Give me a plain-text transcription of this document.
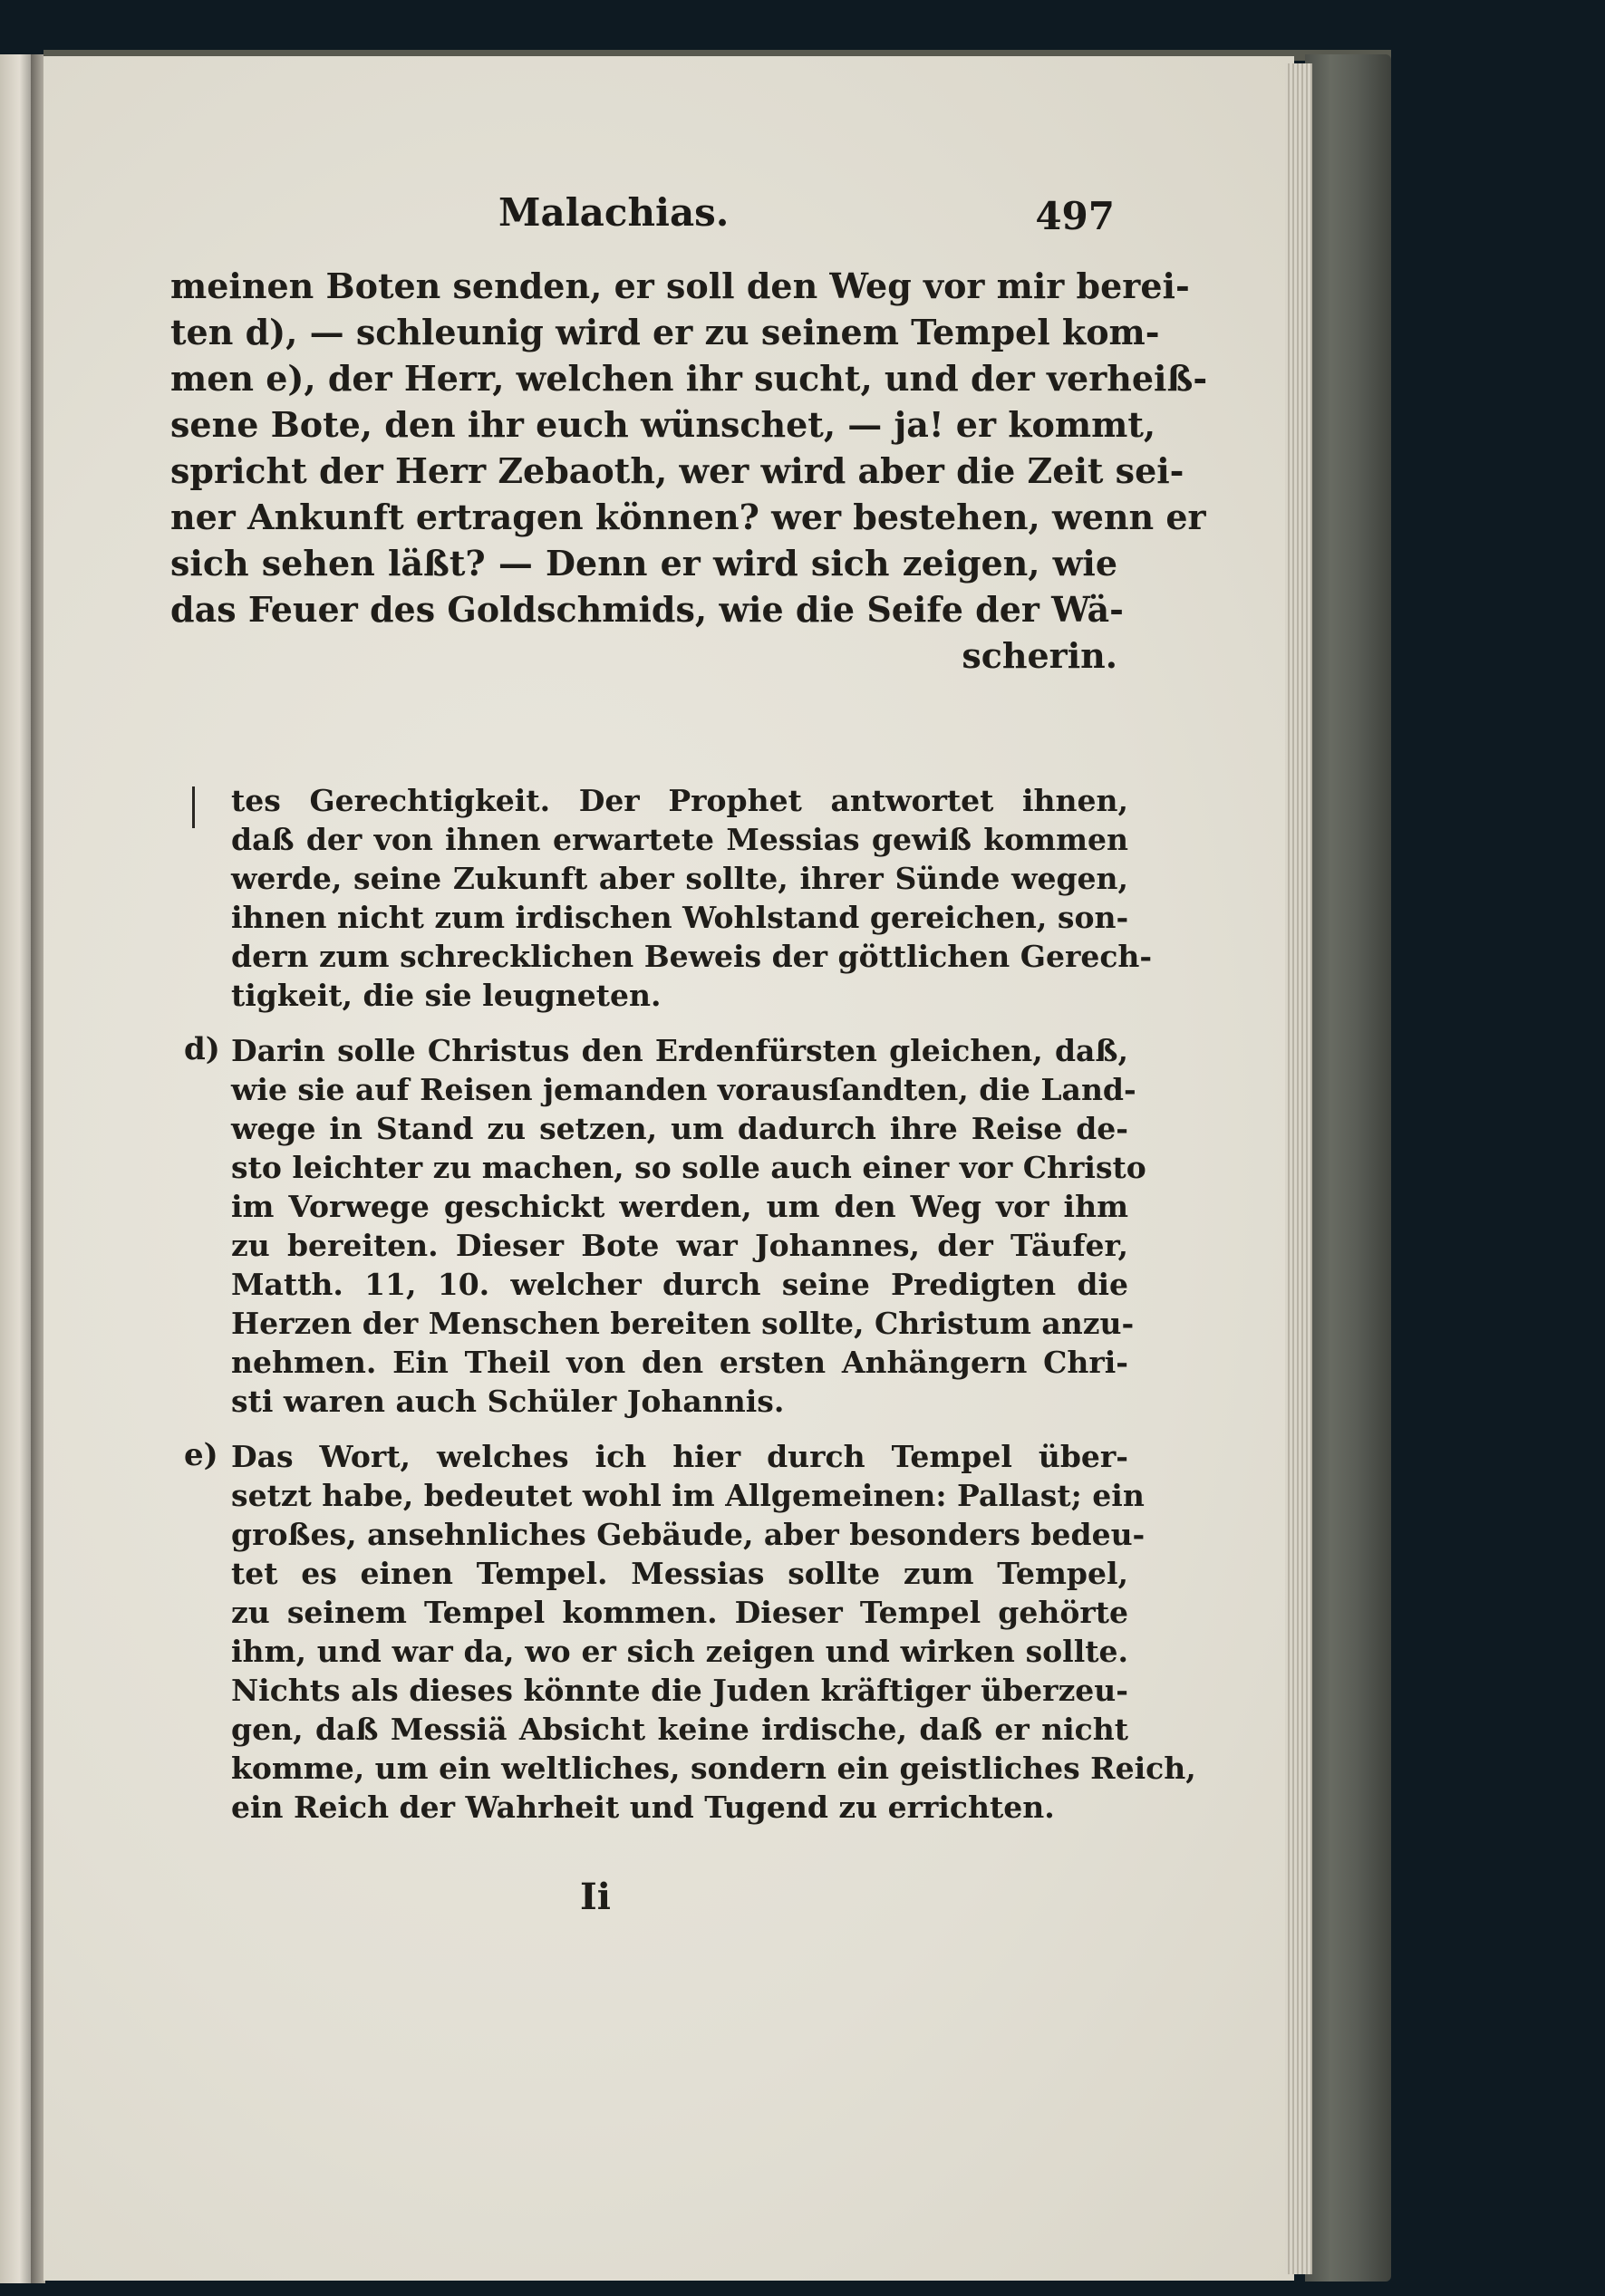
Malachias.	497
meinen Boten senden, er soll den Weg vor mir berei-
ten d), — schleunig wird er zu seinem Tempel kom-
men e), der Herr, welchen ihr sucht, und der verheiß-
sene Bote, den ihr euch wünschet, — ja! er kommt,
spricht der Herr Zebaoth, wer wird aber die Zeit sei-
ner Ankunft ertragen können? wer bestehen, wenn er
sich sehen läßt? — Denn er wird sich zeigen, wie
das Feuer des Goldschmids, wie die Seife der Wä-
scherin.
tes Gerechtigkeit. Der Prophet antwortet ihnen,
daß der von ihnen erwartete Messias gewiß kommen
werde, seine Zukunft aber sollte, ihrer Sünde wegen,
ihnen nicht zum irdischen Wohlstand gereichen, son-
dern zum schrecklichen Beweis der göttlichen Gerech-
tigkeit, die sie leugneten.
d) Darin solle Christus den Erdenfürsten gleichen, daß,
wie sie auf Reisen jemanden vorausſandten, die Land-
wege in Stand zu setzen, um dadurch ihre Reise de-
sto leichter zu machen, so solle auch einer vor Christo
im Vorwege geschickt werden, um den Weg vor ihm
zu bereiten. Dieser Bote war Johannes, der Täufer,
Matth. 11, 10. welcher durch seine Predigten die
Herzen der Menschen bereiten sollte, Christum anzu-
nehmen. Ein Theil von den ersten Anhängern Chri-
sti waren auch Schüler Johannis.
e) Das Wort, welches ich hier durch Tempel über-
setzt habe, bedeutet wohl im Allgemeinen: Pallast; ein
großes, ansehnliches Gebäude, aber besonders bedeu-
tet es einen Tempel. Messias sollte zum Tempel,
zu seinem Tempel kommen. Dieser Tempel gehörte
ihm, und war da, wo er sich zeigen und wirken sollte.
Nichts als dieses könnte die Juden kräftiger überzeu-
gen, daß Messiä Absicht keine irdische, daß er nicht
komme, um ein weltliches, sondern ein geistliches Reich,
ein Reich der Wahrheit und Tugend zu errichten.
Ii
